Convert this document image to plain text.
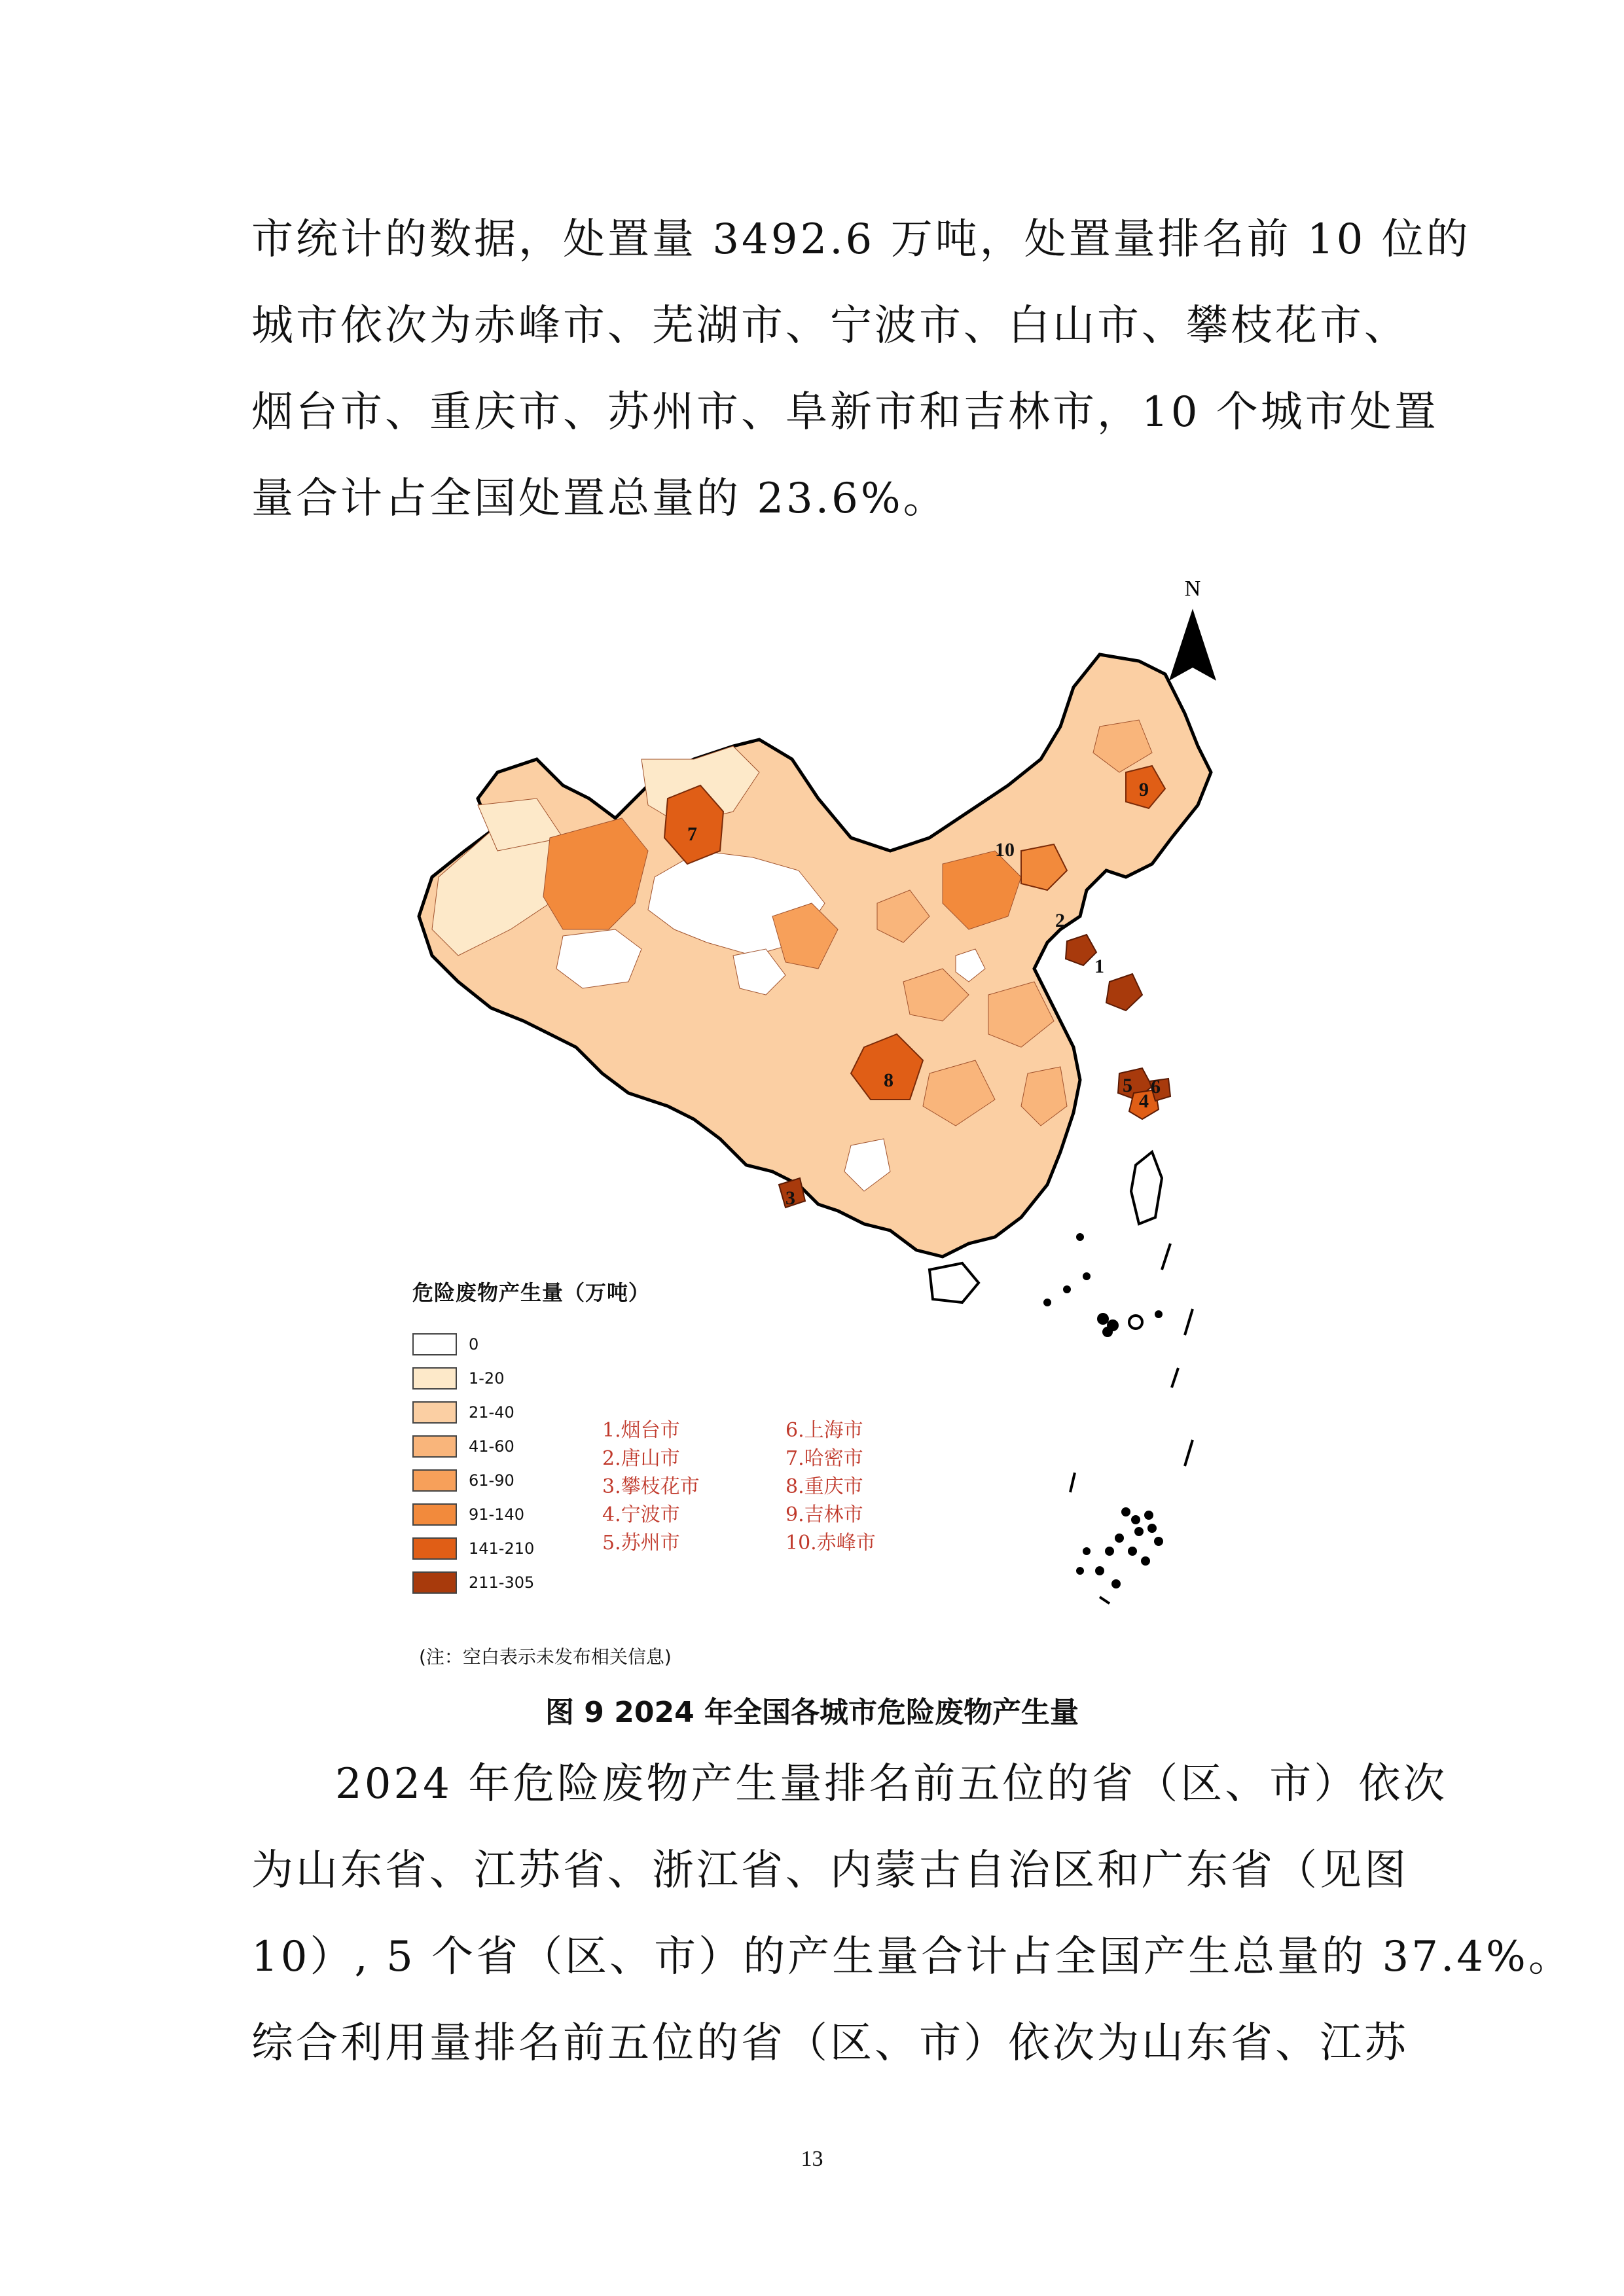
市统计的数据，处置量 3492.6 万吨，处置量排名前 10 位的
城市依次为赤峰市、芜湖市、宁波市、白山市、攀枝花市、
烟台市、重庆市、苏州市、阜新市和吉林市，10 个城市处置
量合计占全国处置总量的 23.6%。
N
1
2
3
4
5 6
7
8
9
10
危险废物产生量（万吨）
0
1-20
21-40
41-60
61-90
91-140
141-210
211-305
1.烟台市
2.唐山市
3.攀枝花市
4.宁波市
5.苏州市
6.上海市
7.哈密市
8.重庆市
9.吉林市
10.赤峰市
(注：空白表示未发布相关信息)
图 9 2024 年全国各城市危险废物产生量
2024 年危险废物产生量排名前五位的省（区、市）依次
为山东省、江苏省、浙江省、内蒙古自治区和广东省（见图
10）, 5 个省（区、市）的产生量合计占全国产生总量的 37.4%。
综合利用量排名前五位的省（区、市）依次为山东省、江苏
13
